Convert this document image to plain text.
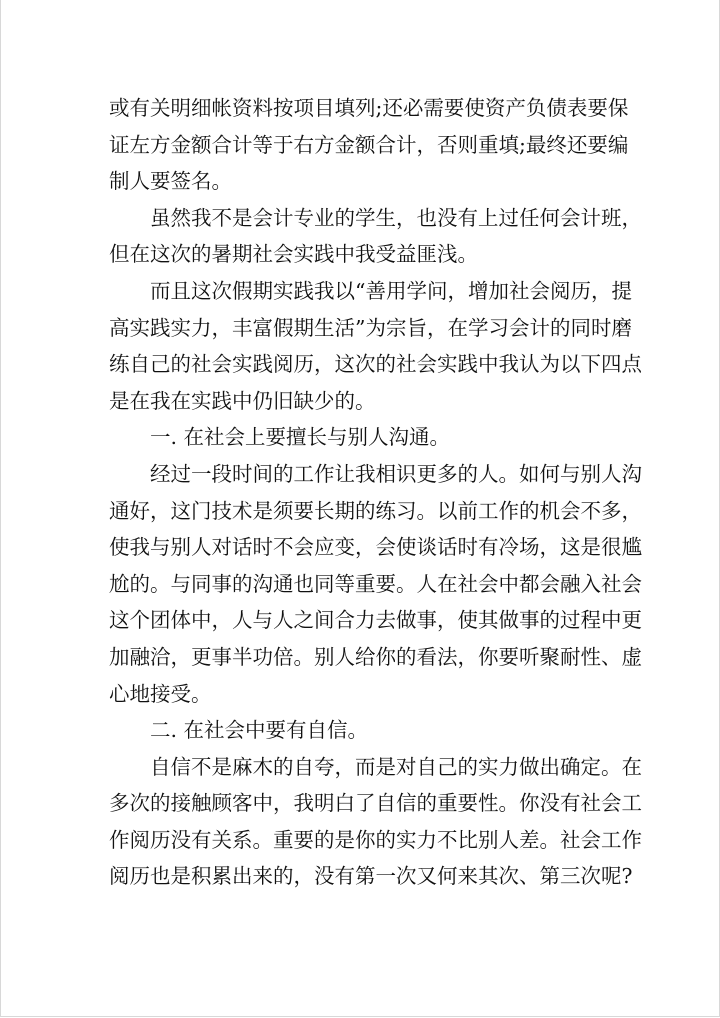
或有关明细帐资料按项目填列;还必需要使资产负债表要保
证左方金额合计等于右方金额合计，否则重填;最终还要编
制人要签名。

虽然我不是会计专业的学生，也没有上过任何会计班，
但在这次的暑期社会实践中我受益匪浅。

而且这次假期实践我以“善用学问，增加社会阅历，提
高实践实力，丰富假期生活”为宗旨，在学习会计的同时磨
练自己的社会实践阅历，这次的社会实践中我认为以下四点
是在我在实践中仍旧缺少的。

一. 在社会上要擅长与别人沟通。

经过一段时间的工作让我相识更多的人。如何与别人沟
通好，这门技术是须要长期的练习。以前工作的机会不多，
使我与别人对话时不会应变，会使谈话时有冷场，这是很尴
尬的。与同事的沟通也同等重要。人在社会中都会融入社会
这个团体中，人与人之间合力去做事，使其做事的过程中更
加融洽，更事半功倍。别人给你的看法，你要听聚耐性、虚
心地接受。

二. 在社会中要有自信。

自信不是麻木的自夸，而是对自己的实力做出确定。在
多次的接触顾客中，我明白了自信的重要性。你没有社会工
作阅历没有关系。重要的是你的实力不比别人差。社会工作
阅历也是积累出来的，没有第一次又何来其次、第三次呢?
